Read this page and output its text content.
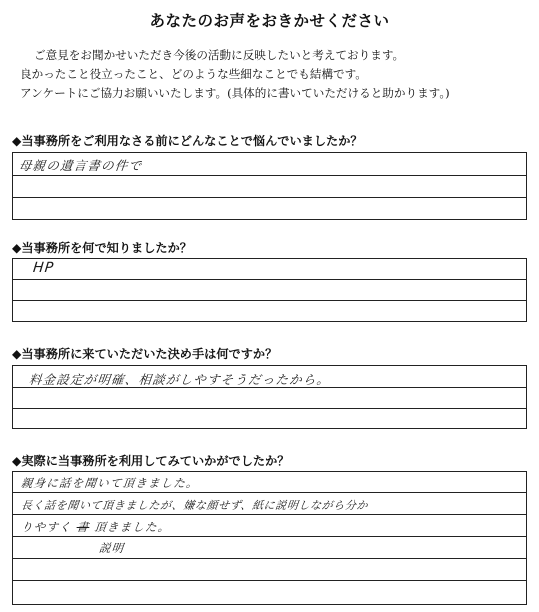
あなたのお声をおきかせください
ご意見をお聞かせいただき今後の活動に反映したいと考えております。
良かったこと役立ったこと、どのような些細なことでも結構です。
アンケートにご協力お願いいたします。(具体的に書いていただけると助かります。)
◆当事務所をご利用なさる前にどんなことで悩んでいましたか？
母親の遺言書の件で
◆当事務所を何で知りましたか？
HP
◆当事務所に来ていただいた決め手は何ですか？
料金設定が明確、相談がしやすそうだったから。
◆実際に当事務所を利用してみていかがでしたか？
親身に話を聞いて頂きました。
長く話を聞いて頂きましたが、嫌な顔せず、紙に説明しながら分か
りやすく 書 頂きました。
説明
